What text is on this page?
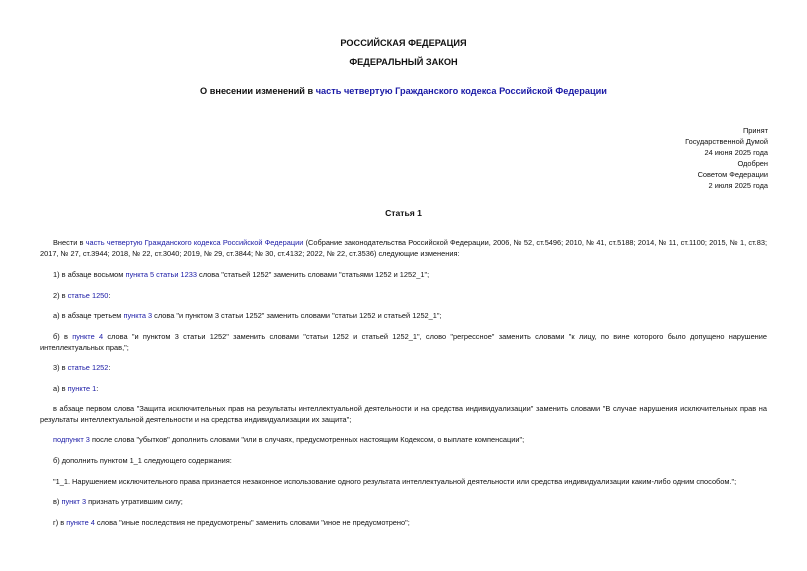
РОССИЙСКАЯ ФЕДЕРАЦИЯ
ФЕДЕРАЛЬНЫЙ ЗАКОН
О внесении изменений в часть четвертую Гражданского кодекса Российской Федерации
Принят
Государственной Думой
24 июня 2025 года
Одобрен
Советом Федерации
2 июля 2025 года
Статья 1
Внести в часть четвертую Гражданского кодекса Российской Федерации (Собрание законодательства Российской Федерации, 2006, № 52, ст.5496; 2010, № 41, ст.5188; 2014, № 11, ст.1100; 2015, № 1, ст.83; 2017, № 27, ст.3944; 2018, № 22, ст.3040; 2019, № 29, ст.3844; № 30, ст.4132; 2022, № 22, ст.3536) следующие изменения:
1) в абзаце восьмом пункта 5 статьи 1233 слова "статьей 1252" заменить словами "статьями 1252 и 1252_1";
2) в статье 1250:
а) в абзаце третьем пункта 3 слова "и пунктом 3 статьи 1252" заменить словами "статьи 1252 и статьей 1252_1";
б) в пункте 4 слова "и пунктом 3 статьи 1252" заменить словами "статьи 1252 и статьей 1252_1", слово "регрессное" заменить словами "к лицу, по вине которого было допущено нарушение интеллектуальных прав,";
3) в статье 1252:
а) в пункте 1:
в абзаце первом слова "Защита исключительных прав на результаты интеллектуальной деятельности и на средства индивидуализации" заменить словами "В случае нарушения исключительных прав на результаты интеллектуальной деятельности и на средства индивидуализации их защита";
подпункт 3 после слова "убытков" дополнить словами "или в случаях, предусмотренных настоящим Кодексом, о выплате компенсации";
б) дополнить пунктом 1_1 следующего содержания:
"1_1. Нарушением исключительного права признается незаконное использование одного результата интеллектуальной деятельности или средства индивидуализации каким-либо одним способом.";
в) пункт 3 признать утратившим силу;
г) в пункте 4 слова "иные последствия не предусмотрены" заменить словами "иное не предусмотрено";
